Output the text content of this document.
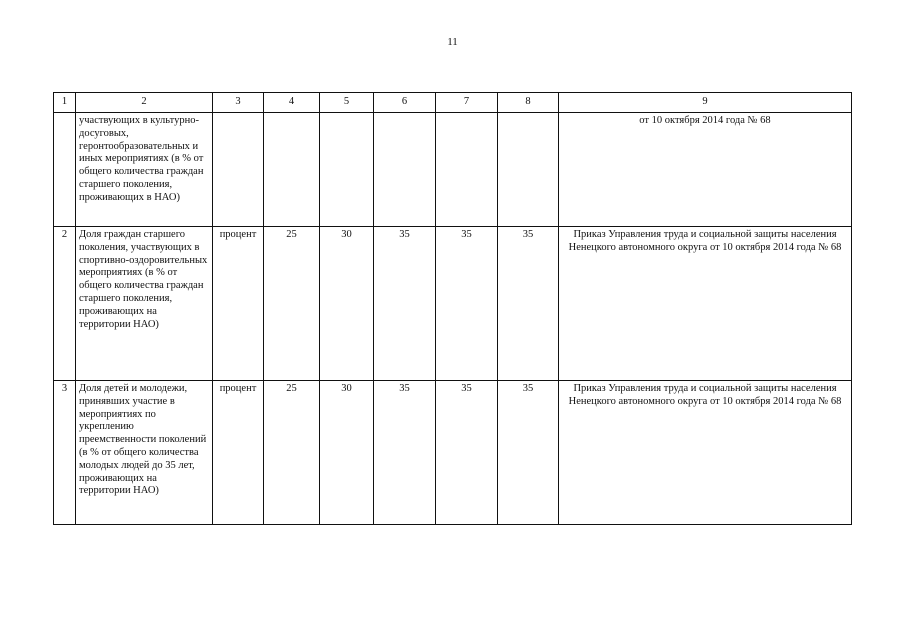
11
1	2	3	4	5	6	7	8	9
	участвующих в культурно-досуговых, геронтообразовательных и иных мероприятиях (в % от общего количества граждан старшего поколения, проживающих в НАО)							от 10 октября 2014 года № 68
2	Доля граждан старшего поколения, участвующих в спортивно-оздоровительных мероприятиях (в % от общего количества граждан старшего поколения, проживающих на территории НАО)	процент	25	30	35	35	35	Приказ Управления труда и социальной защиты населения Ненецкого автономного округа от 10 октября 2014 года № 68
3	Доля детей и молодежи, принявших участие в мероприятиях по укреплению преемственности поколений (в % от общего количества молодых людей до 35 лет, проживающих на территории НАО)	процент	25	30	35	35	35	Приказ Управления труда и социальной защиты населения Ненецкого автономного округа от 10 октября 2014 года № 68
